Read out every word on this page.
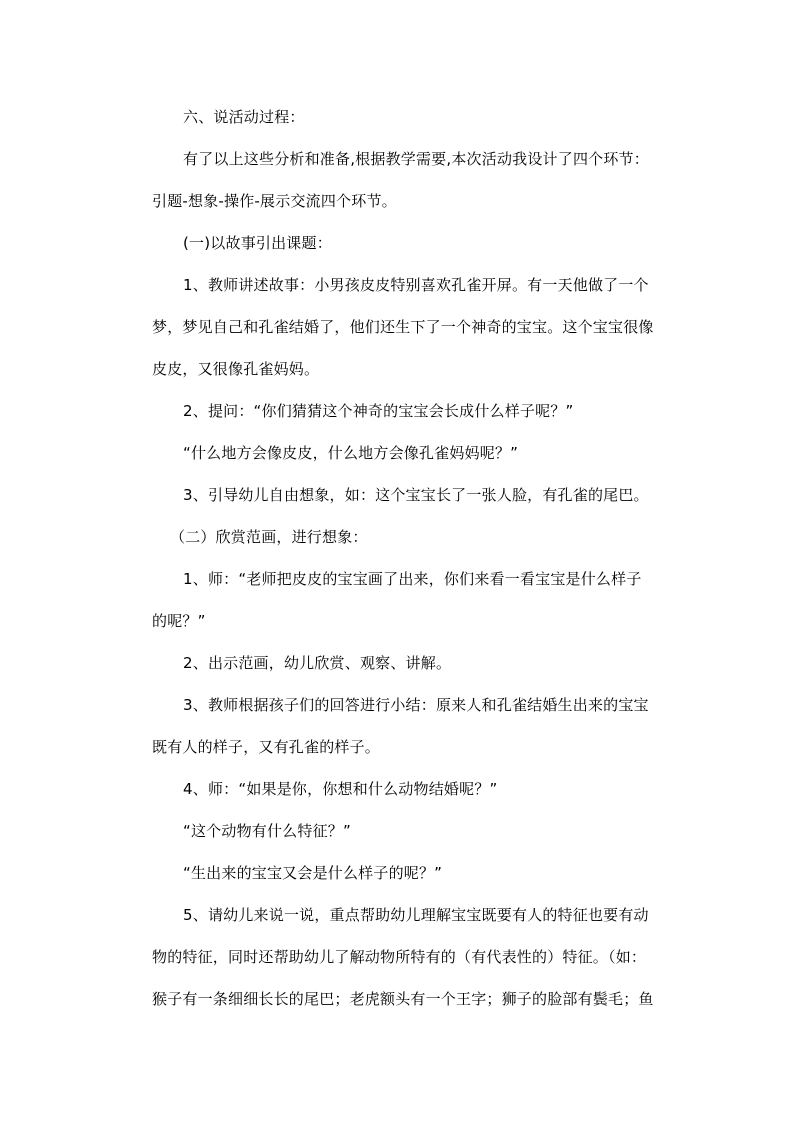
六、说活动过程：
有了以上这些分析和准备,根据教学需要,本次活动我设计了四个环节：
引题-想象-操作-展示交流四个环节。
(一)以故事引出课题：
1、教师讲述故事：小男孩皮皮特别喜欢孔雀开屏。有一天他做了一个
梦，梦见自己和孔雀结婚了，他们还生下了一个神奇的宝宝。这个宝宝很像
皮皮，又很像孔雀妈妈。
2、提问：“你们猜猜这个神奇的宝宝会长成什么样子呢？”
“什么地方会像皮皮，什么地方会像孔雀妈妈呢？”
3、引导幼儿自由想象，如：这个宝宝长了一张人脸，有孔雀的尾巴。
（二）欣赏范画，进行想象：
1、师：“老师把皮皮的宝宝画了出来，你们来看一看宝宝是什么样子
的呢？”
2、出示范画，幼儿欣赏、观察、讲解。
3、教师根据孩子们的回答进行小结：原来人和孔雀结婚生出来的宝宝
既有人的样子，又有孔雀的样子。
4、师：“如果是你，你想和什么动物结婚呢？”
“这个动物有什么特征？”
“生出来的宝宝又会是什么样子的呢？”
5、请幼儿来说一说，重点帮助幼儿理解宝宝既要有人的特征也要有动
物的特征，同时还帮助幼儿了解动物所特有的（有代表性的）特征。（如：
猴子有一条细细长长的尾巴；老虎额头有一个王字；狮子的脸部有鬓毛；鱼
